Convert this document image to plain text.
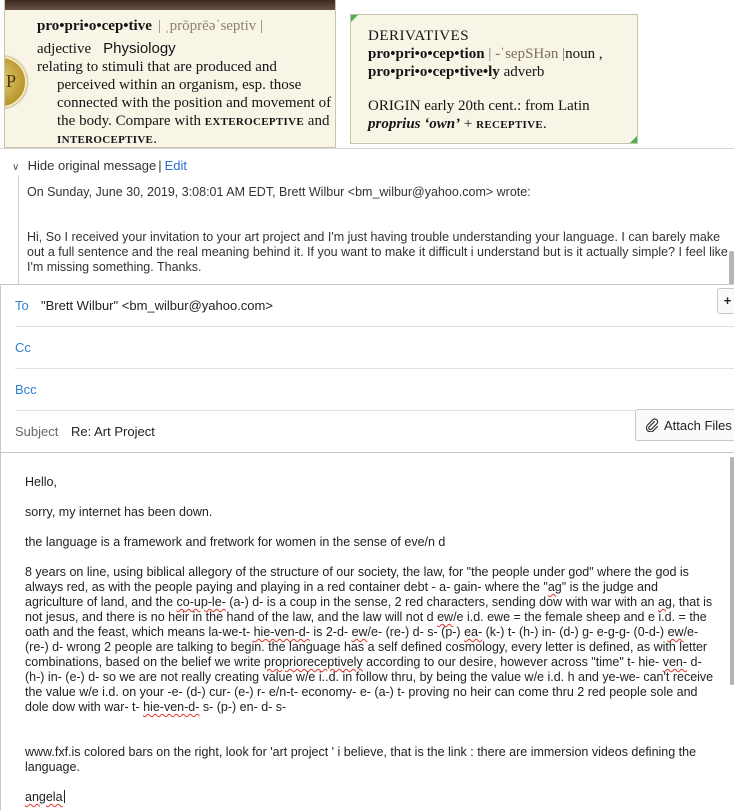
P
pro•pri•o•cep•tive | ˌprōprēəˈseptiv |
adjective Physiology
relating to stimuli that are produced and perceived within an organism, esp. those connected with the position and movement of the body. Compare with exteroceptive and interoceptive.
DERIVATIVES
pro•pri•o•cep•tion | -ˈsepSHən |noun ,
pro•pri•o•cep•tive•ly adverb
ORIGIN early 20th cent.: from Latin
proprius ‘own’ + receptive.
∨ Hide original message | Edit
On Sunday, June 30, 2019, 3:08:01 AM EDT, Brett Wilbur <bm_wilbur@yahoo.com> wrote:
Hi, So I received your invitation to your art project and I'm just having trouble understanding your language. I can barely make out a full sentence and the real meaning behind it. If you want to make it difficult i understand but is it actually simple? I feel like I'm missing something. Thanks.
To "Brett Wilbur" <bm_wilbur@yahoo.com>	+
Cc
Bcc
Subject Re: Art Project	Attach Files
Hello,
sorry, my internet has been down.
the language is a framework and fretwork for women in the sense of eve/n d
8 years on line, using biblical allegory of the structure of our society, the law, for "the people under god" where the god is always red, as with the people paying and playing in a red container debt - a- gain- where the "ag" is the judge and agriculture of land, and the co-up-le- (a-) d- is a coup in the sense, 2 red characters, sending dow with war with an ag, that is not jesus, and there is no heir in the hand of the law, and the law will not d ew/e i.d. ewe = the female sheep and e i.d. = the oath and the feast, which means la-we-t- hie-ven-d- is 2-d- ew/e- (re-) d- s- (p-) ea- (k-) t- (h-) in- (d-) g- e-g-g- (0-d-) ew/e- (re-) d- wrong 2 people are talking to begin. the language has a self defined cosmology, every letter is defined, as with letter combinations, based on the belief we write proprioreceptively according to our desire, however across "time" t- hie- ven- d- (h-) in- (e-) d- so we are not really creating value w/e i..d. in follow thru, by being the value w/e i.d. h and ye-we- can't receive the value w/e i.d. on your -e- (d-) cur- (e-) r- e/n-t- economy- e- (a-) t- proving no heir can come thru 2 red people sole and dole dow with war- t- hie-ven-d- s- (p-) en- d- s-
www.fxf.is colored bars on the right, look for 'art project ' i believe, that is the link : there are immersion videos defining the language.
angela
